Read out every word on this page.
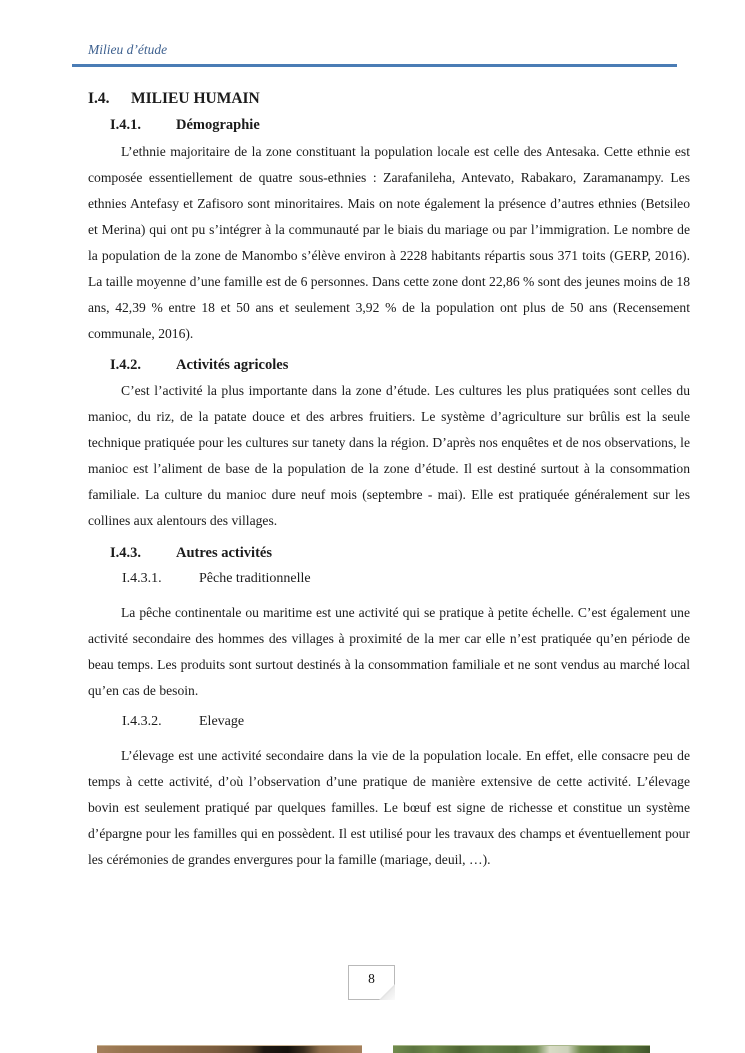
Milieu d’étude

I.4.	MILIEU HUMAIN

I.4.1.	Démographie

L’ethnie majoritaire de la zone constituant la population locale est celle des Antesaka. Cette ethnie est composée essentiellement de quatre sous-ethnies : Zarafanileha, Antevato, Rabakaro, Zaramanampy. Les ethnies Antefasy et Zafisoro sont minoritaires. Mais on note également la présence d’autres ethnies (Betsileo et Merina) qui ont pu s’intégrer à la communauté par le biais du mariage ou par l’immigration. Le nombre de la population de la zone de Manombo s’élève environ à 2228 habitants répartis sous 371 toits (GERP, 2016). La taille moyenne d’une famille est de 6 personnes. Dans cette zone dont 22,86 % sont des jeunes moins de 18 ans, 42,39 % entre 18 et 50 ans et seulement 3,92 % de la population ont plus de 50 ans (Recensement communale, 2016).

I.4.2.	Activités agricoles

C’est l’activité la plus importante dans la zone d’étude. Les cultures les plus pratiquées sont celles du manioc, du riz, de la patate douce et des arbres fruitiers. Le système d’agriculture sur brûlis est la seule technique pratiquée pour les cultures sur tanety dans la région. D’après nos enquêtes et de nos observations, le manioc est l’aliment de base de la population de la zone d’étude. Il est destiné surtout à la consommation familiale. La culture du manioc dure neuf mois (septembre - mai). Elle est pratiquée généralement sur les collines aux alentours des villages.

I.4.3.	Autres activités

I.4.3.1.	Pêche traditionnelle

La pêche continentale ou maritime est une activité qui se pratique à petite échelle. C’est également une activité secondaire des hommes des villages à proximité de la mer car elle n’est pratiquée qu’en période de beau temps. Les produits sont surtout destinés à la consommation familiale et ne sont vendus au marché local qu’en cas de besoin.

I.4.3.2.	Elevage

L’élevage est une activité secondaire dans la vie de la population locale. En effet, elle consacre peu de temps à cette activité, d’où l’observation d’une pratique de manière extensive de cette activité. L’élevage bovin est seulement pratiqué par quelques familles. Le bœuf est signe de richesse et constitue un système d’épargne pour les familles qui en possèdent. Il est utilisé pour les travaux des champs et éventuellement pour les cérémonies de grandes envergures pour la famille (mariage, deuil, …).

8
